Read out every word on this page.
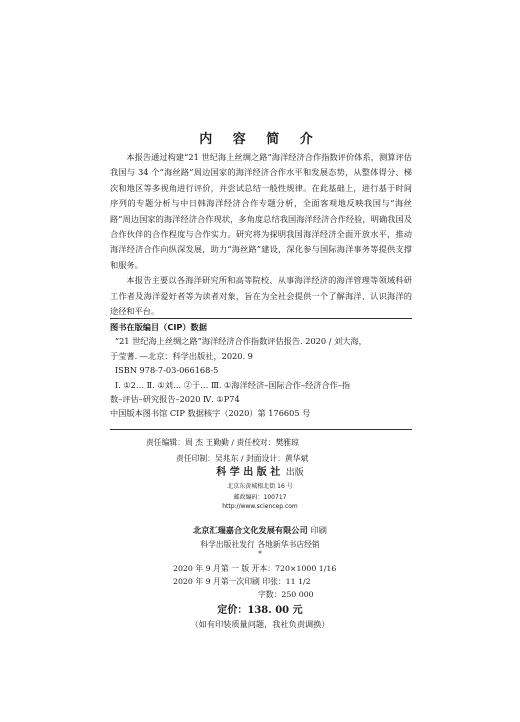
内 容 简 介

本报告通过构建“21 世纪海上丝绸之路”海洋经济合作指数评价体系，测算评估我国与 34 个“海丝路”周边国家的海洋经济合作水平和发展态势，从整体得分、梯次和地区等多视角进行评价，并尝试总结一般性规律。在此基础上，进行基于时间序列的专题分析与中日韩海洋经济合作专题分析，全面客观地反映我国与“海丝路”周边国家的海洋经济合作现状，多角度总结我国海洋经济合作经验，明确我国及合作伙伴的合作程度与合作实力。研究将为探明我国海洋经济全面开放水平，推动海洋经济合作向纵深发展，助力“海丝路”建设，深化参与国际海洋事务等提供支撑和服务。

本报告主要以各海洋研究所和高等院校、从事海洋经济的海洋管理等领域科研工作者及海洋爱好者等为读者对象，旨在为全社会提供一个了解海洋、认识海洋的途径和平台。

图书在版编目（CIP）数据
“21 世纪海上丝绸之路”海洋经济合作指数评估报告. 2020 / 刘大海，
于莹蓍. —北京：科学出版社，2020. 9
ISBN 978-7-03-066168-5
Ⅰ. ①2… Ⅱ. ①刘… ②于… Ⅲ. ①海洋经济–国际合作–经济合作–指
数–评估–研究报告–2020 Ⅳ. ①P74
中国版本图书馆 CIP 数据核字（2020）第 176605 号
责任编辑：周 杰 王勤勤 / 责任校对：樊雅琼
责任印制：吴兆东 / 封面设计：黄华斌
科 学 出 版 社 出版
北京东黄城根北街 16 号
邮政编码：100717
http://www.sciencep.com
北京汇瑞嘉合文化发展有限公司 印刷
科学出版社发行 各地新华书店经销
*
2020 年 9 月第 一 版 开本：720×1000 1/16
2020 年 9 月第一次印刷 印张：11 1/2
字数：250 000
定价：138. 00 元
（如有印装质量问题，我社负责调换）
